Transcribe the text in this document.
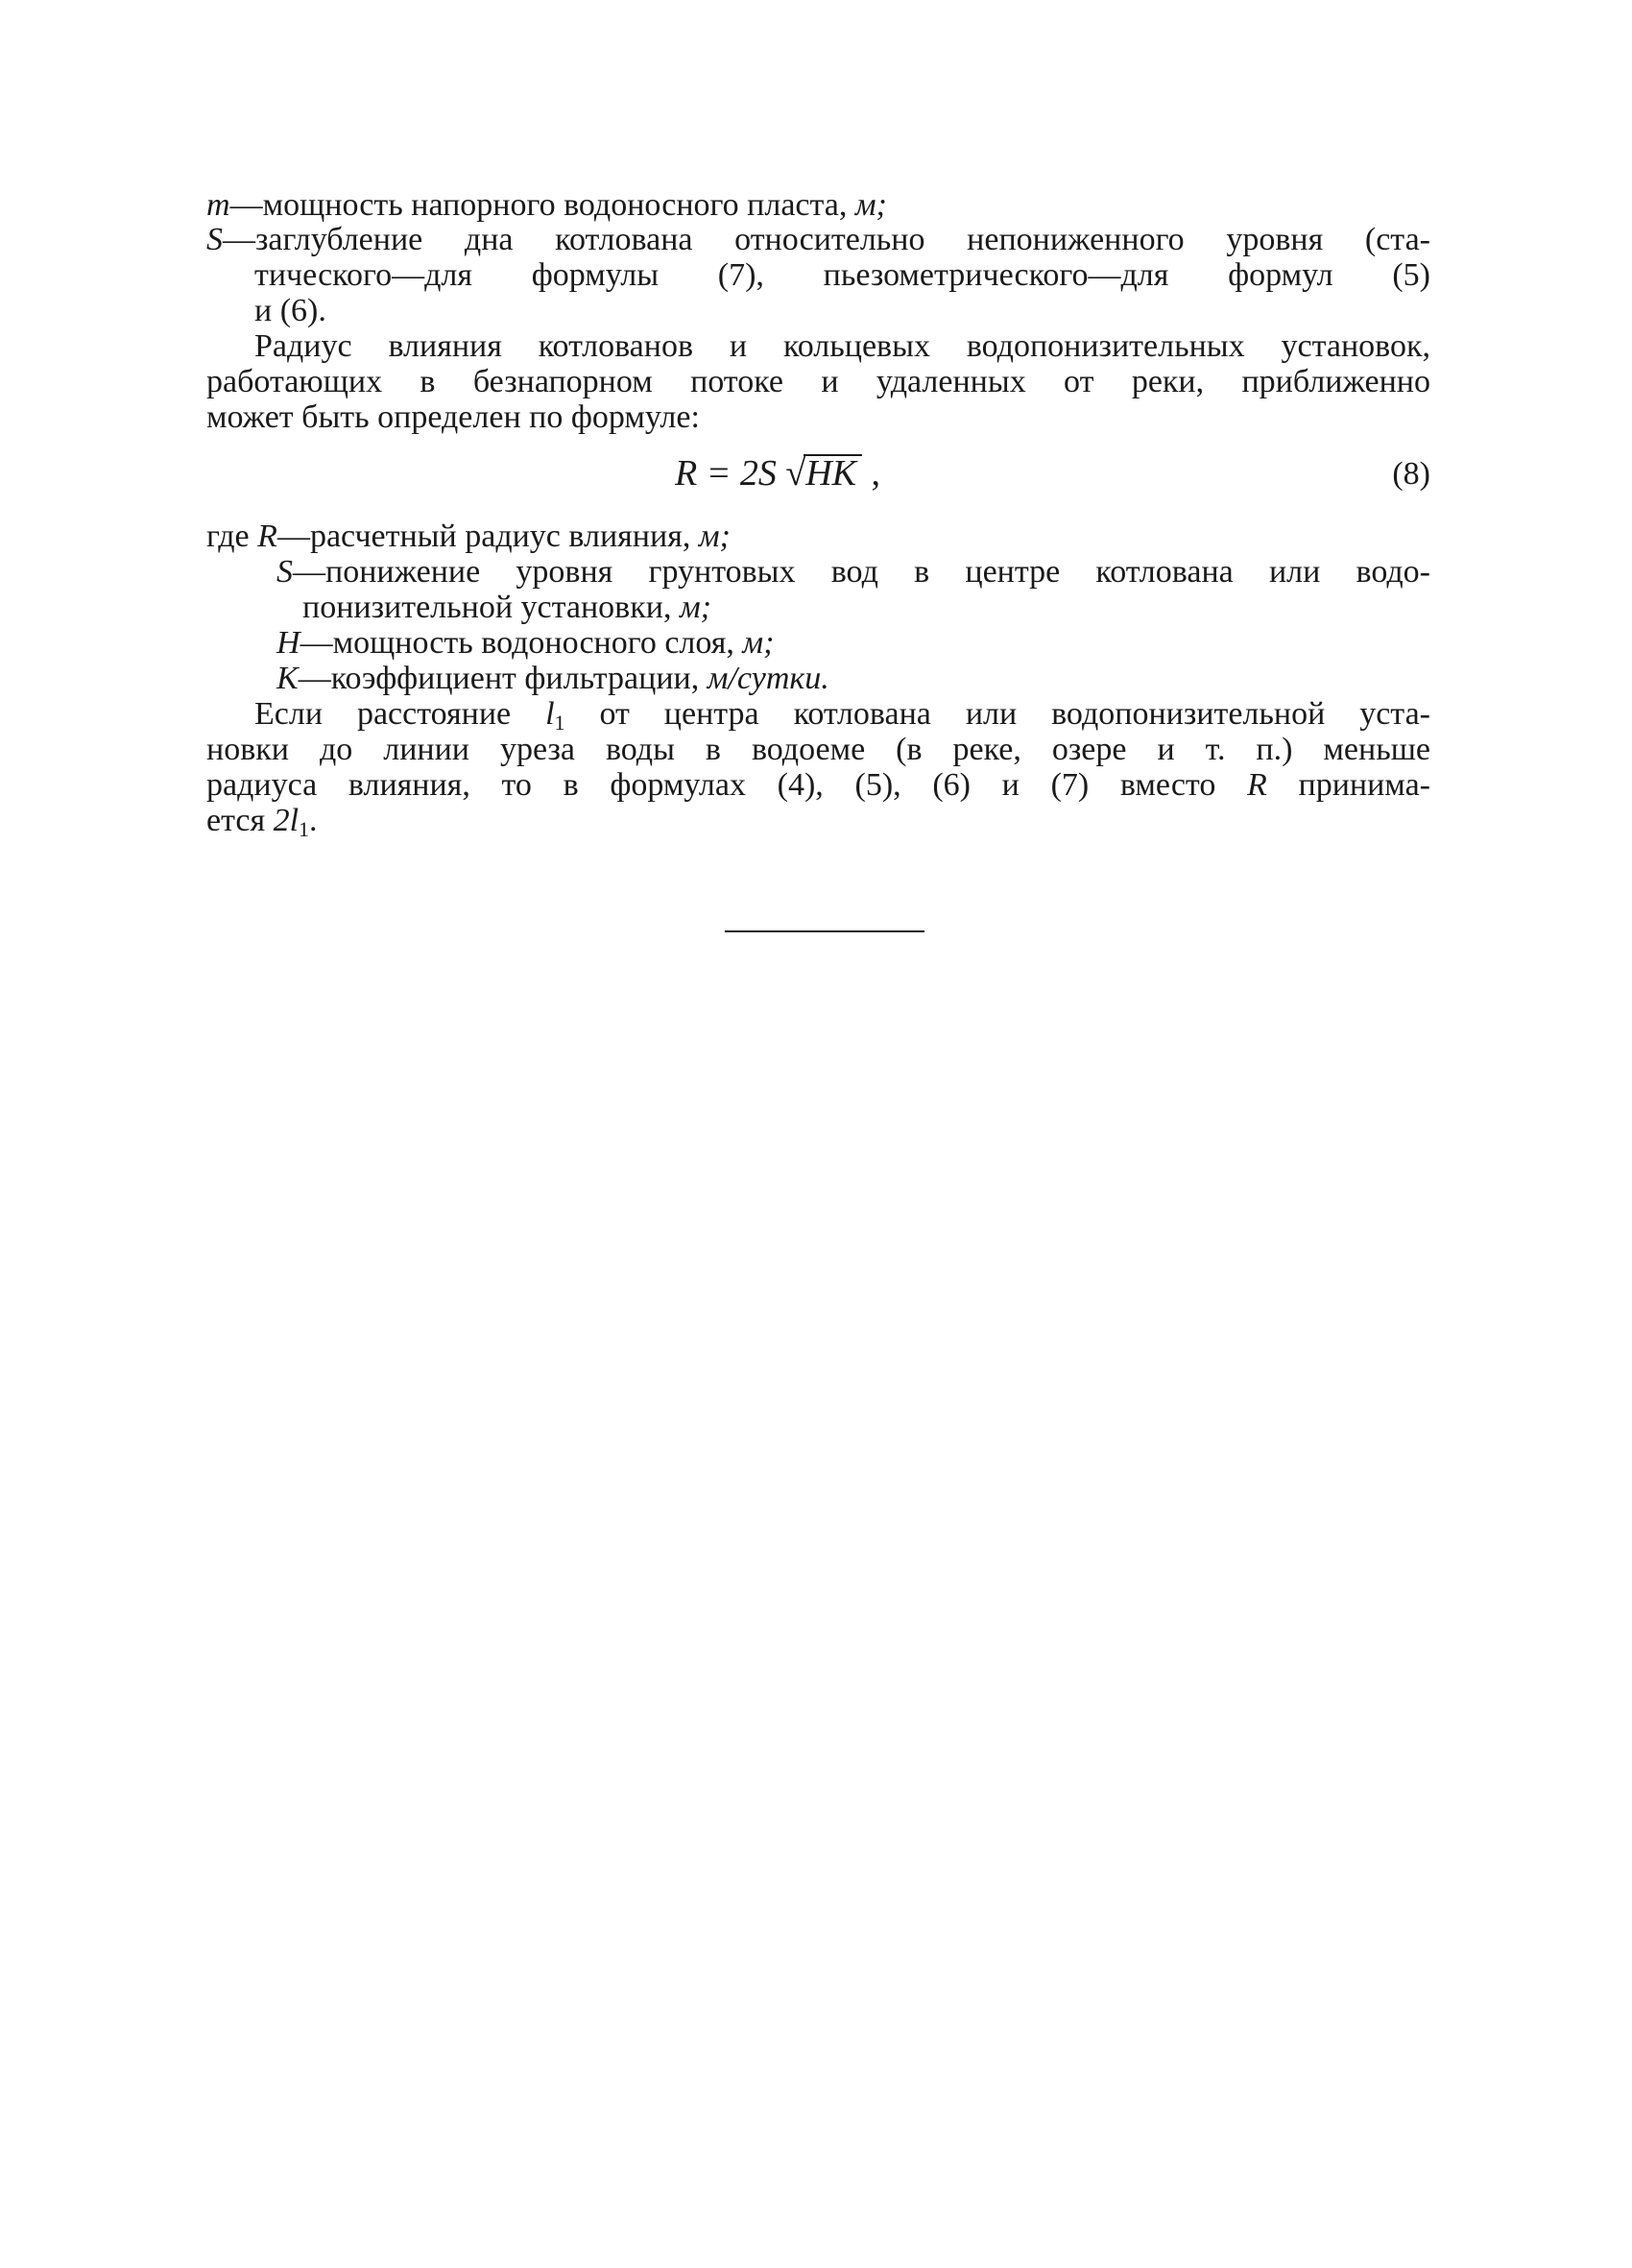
m—мощность напорного водоносного пласта, м;
S—заглубление дна котлована относительно непониженного уровня (ста-
тического—для формулы (7), пьезометрического—для формул (5)
и (6).
Радиус влияния котлованов и кольцевых водопонизительных установок,
работающих в безнапорном потоке и удаленных от реки, приближенно
может быть определен по формуле:
R = 2S √HK ,	(8)
где R—расчетный радиус влияния, м;
S—понижение уровня грунтовых вод в центре котлована или водо-
понизительной установки, м;
H—мощность водоносного слоя, м;
K—коэффициент фильтрации, м/сутки.
Если расстояние $l_1$ от центра котлована или водопонизительной уста-
новки до линии уреза воды в водоеме (в реке, озере и т. п.) меньше
радиуса влияния, то в формулах (4), (5), (6) и (7) вместо R принима-
ется $2l_1$.
